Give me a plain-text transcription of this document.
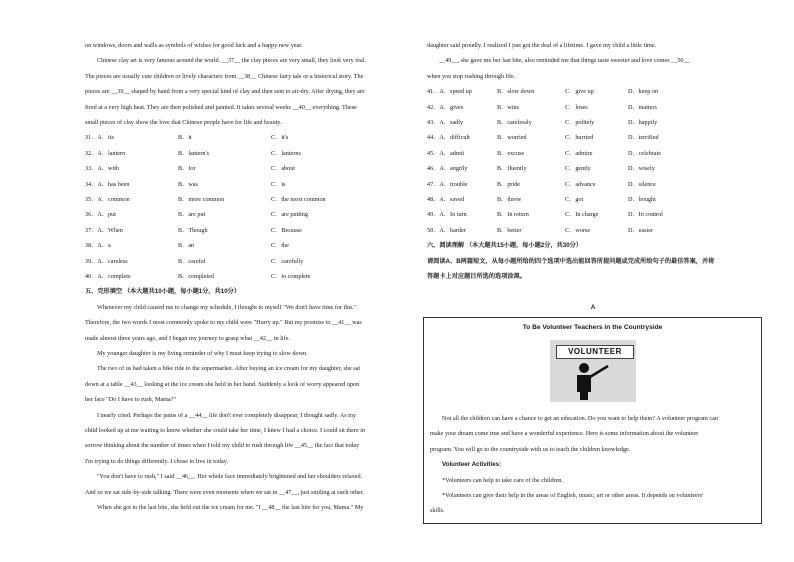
on windows, doors and walls as symbols of wishes for good luck and a happy new year.

Chinese clay art is very famous around the world. __37__ the clay pieces are very small, they look very real.

The pieces are usually cute children or lively characters from __38__ Chinese fairy tale or a historical story. The

pieces are __39__ shaped by hand from a very special kind of clay and then sent to air-dry. After drying, they are

fired at a very high heat. They are then polished and painted. It takes several weeks __40__ everything. These

small pieces of clay show the love that Chinese people have for life and beauty.

31．A．its	B．it	C．it's
32．A．lantern	B．lantern's	C．lanterns
33．A．with	B．for	C．about
34．A．has been	B．was	C．is
35．A．common	B．more common	C．the most common
36．A．put	B．are put	C．are putting
37．A．When	B．Though	C．Because
38．A．a	B．an	C．the
39．A．careless	B．careful	C．carefully
40．A．complete	B．completed	C．to complete

五、完形填空 （本大题共10小题，每小题1分，共10分）

Whenever my child caused me to change my schedule, I thought to myself "We don't have time for this."

Therefore, the two words I most commonly spoke to my child were "Hurry up." But my promise to __41__ was

made almost three years ago, and I began my journey to grasp what __42__ in life.

My younger daughter is my living reminder of why I must keep trying to slow down.

The two of us had taken a bike ride to the supermarket. After buying an ice cream for my daughter, she sat

down at a table __43__ looking at the ice cream she held in her hand. Suddenly a look of worry appeared upon

her face "Do I have to rush, Mama?"

I nearly cried. Perhaps the pains of a __44__ life don't ever completely disappear, I thought sadly. As my

child looked up at me waiting to know whether she could take her time, I knew I had a choice. I could sit there in

sorrow thinking about the number of times when I told my child to rush through life __45__ the fact that today

I'm trying to do things differently. I chose to live in today.

"You don't have to rush," I said __46__. Her whole face immediately brightened and her shoulders relaxed.

And so we sat side-by-side talking. There were even moments when we sat in __47__, just smiling at each other.

When she got to the last bite, she held out the ice cream for me. "I __48__ the last bite for you, Mama." My

daughter said proudly. I realized I just got the deal of a lifetime. I gave my child a little time.

__49__, she gave me her last bite, also reminded me that things taste sweeter and love comes __50__

when you stop rushing through life.

41．A．speed up	B．slow down	C．give up	D．keep on
42．A．gives	B．wins	C．loses	D．matters
43．A．sadly	B．carelessly	C．politely	D．happily
44．A．difficult	B．worried	C．hurried	D．terrified
45．A．admit	B．excuse	C．admire	D．celebrate
46．A．angrily	B．fluently	C．gently	D．wisely
47．A．trouble	B．pride	C．advance	D．silence
48．A．saved	B．threw	C．got	D．bought
49．A．In turn	B．In return	C．In charge	D．In control
50．A．harder	B．better	C．worse	D．easier

六、阅读理解 （本大题共15小题，每小题2分，共30分）

请阅读A、B两篇短文，从每小题所给的四个选项中选出能回答所提问题或完成所给句子的最佳答案，并将

答题卡上对应题目所选的选项涂黑。

A

To Be Volunteer Teachers in the Countryside
VOLUNTEER

Not all the children can have a chance to get an education. Do you want to help them? A volunteer program can

make your dream come true and have a wonderful experience. Here is some information about the volunteer

program. You will go to the countryside with us to teach the children knowledge.

Volunteer Activities:

*Volunteers can help to take care of the children.

*Volunteers can give their help in the areas of English, music, art or other areas. It depends on volunteers'

skills.
